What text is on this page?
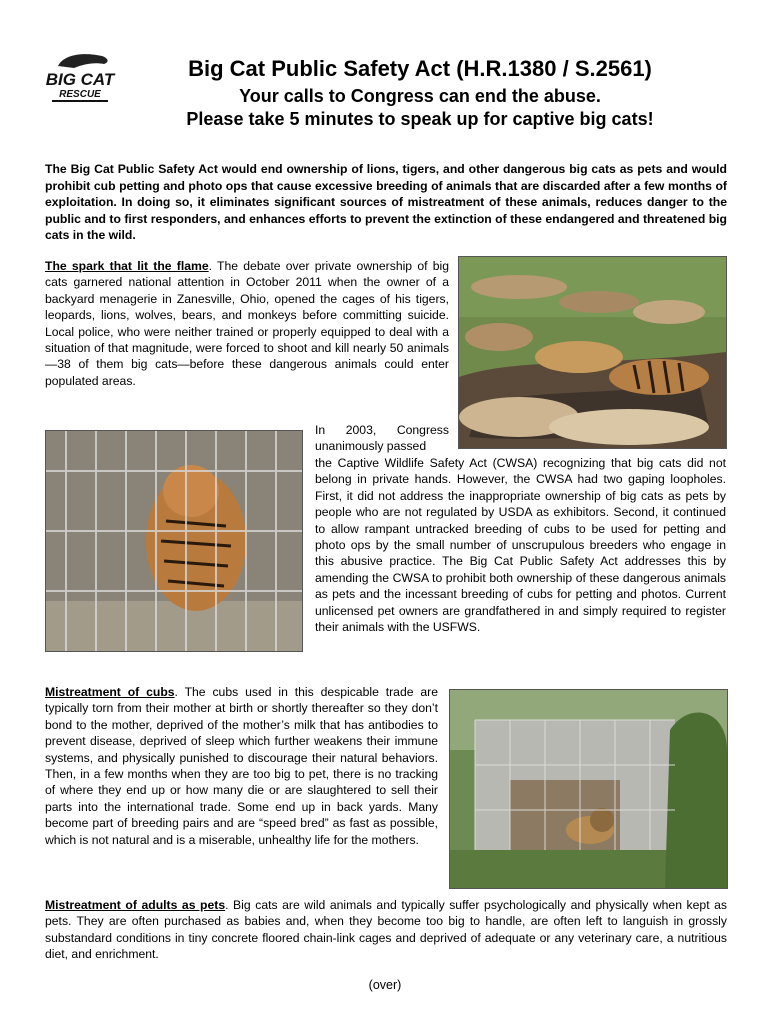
BIG CAT
RESCUE
Big Cat Public Safety Act (H.R.1380 / S.2561)

Your calls to Congress can end the abuse.

Please take 5 minutes to speak up for captive big cats!

The Big Cat Public Safety Act would end ownership of lions, tigers, and other dangerous big cats as pets and would prohibit cub petting and photo ops that cause excessive breeding of animals that are discarded after a few months of exploitation. In doing so, it eliminates significant sources of mistreatment of these animals, reduces danger to the public and to first responders, and enhances efforts to prevent the extinction of these endangered and threatened big cats in the wild.

The spark that lit the flame. The debate over private ownership of big cats garnered national attention in October 2011 when the owner of a backyard menagerie in Zanesville, Ohio, opened the cages of his tigers, leopards, lions, wolves, bears, and monkeys before committing suicide. Local police, who were neither trained or properly equipped to deal with a situation of that magnitude, were forced to shoot and kill nearly 50 animals—38 of them big cats—before these dangerous animals could enter populated areas.

In 2003, Congress unanimously passed

the Captive Wildlife Safety Act (CWSA) recognizing that big cats did not belong in private hands. However, the CWSA had two gaping loopholes. First, it did not address the inappropriate ownership of big cats as pets by people who are not regulated by USDA as exhibitors. Second, it continued to allow rampant untracked breeding of cubs to be used for petting and photo ops by the small number of unscrupulous breeders who engage in this abusive practice. The Big Cat Public Safety Act addresses this by amending the CWSA to prohibit both ownership of these dangerous animals as pets and the incessant breeding of cubs for petting and photos. Current unlicensed pet owners are grandfathered in and simply required to register their animals with the USFWS.

Mistreatment of cubs. The cubs used in this despicable trade are typically torn from their mother at birth or shortly thereafter so they don’t bond to the mother, deprived of the mother’s milk that has antibodies to prevent disease, deprived of sleep which further weakens their immune systems, and physically punished to discourage their natural behaviors. Then, in a few months when they are too big to pet, there is no tracking of where they end up or how many die or are slaughtered to sell their parts into the international trade. Some end up in back yards. Many become part of breeding pairs and are “speed bred” as fast as possible, which is not natural and is a miserable, unhealthy life for the mothers.

Mistreatment of adults as pets. Big cats are wild animals and typically suffer psychologically and physically when kept as pets. They are often purchased as babies and, when they become too big to handle, are often left to languish in grossly substandard conditions in tiny concrete floored chain-link cages and deprived of adequate or any veterinary care, a nutritious diet, and enrichment.

(over)
